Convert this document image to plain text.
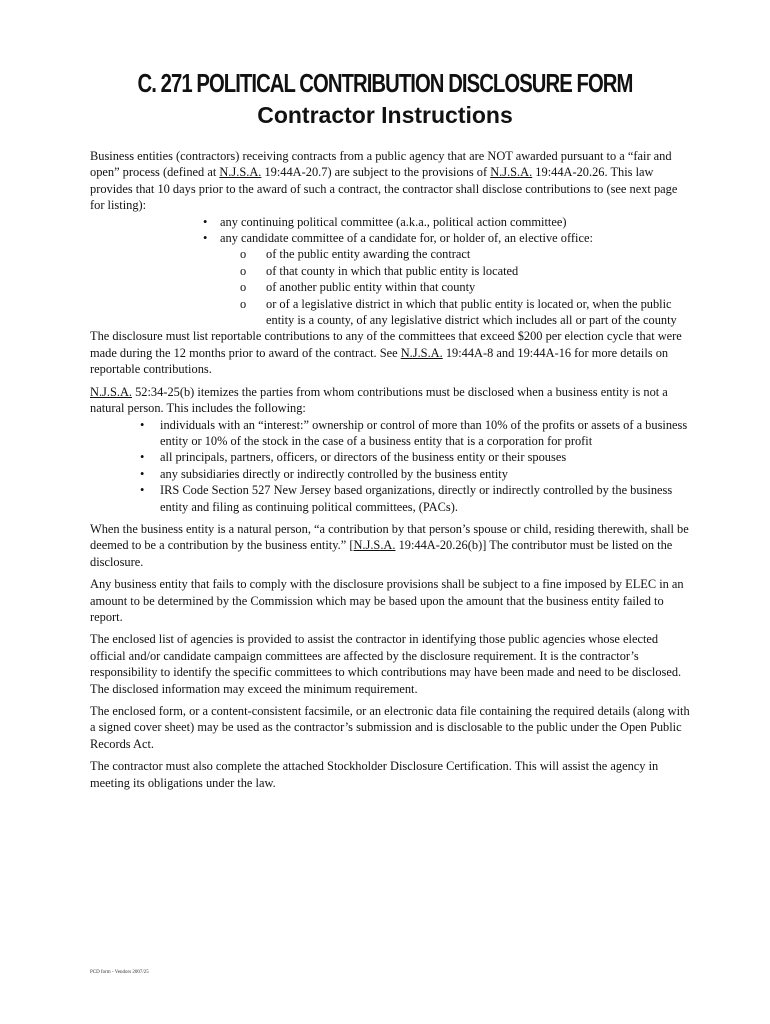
C. 271 POLITICAL CONTRIBUTION DISCLOSURE FORM
Contractor Instructions
Business entities (contractors) receiving contracts from a public agency that are NOT awarded pursuant to a “fair and open” process (defined at N.J.S.A. 19:44A-20.7) are subject to the provisions of N.J.S.A. 19:44A-20.26. This law provides that 10 days prior to the award of such a contract, the contractor shall disclose contributions to (see next page for listing):
• any continuing political committee (a.k.a., political action committee)
• any candidate committee of a candidate for, or holder of, an elective office:
o of the public entity awarding the contract
o of that county in which that public entity is located
o of another public entity within that county
o or of a legislative district in which that public entity is located or, when the public entity is a county, of any legislative district which includes all or part of the county

The disclosure must list reportable contributions to any of the committees that exceed $200 per election cycle that were made during the 12 months prior to award of the contract. See N.J.S.A. 19:44A-8 and 19:44A-16 for more details on reportable contributions.

N.J.S.A. 52:34-25(b) itemizes the parties from whom contributions must be disclosed when a business entity is not a natural person. This includes the following:
• individuals with an “interest:” ownership or control of more than 10% of the profits or assets of a business entity or 10% of the stock in the case of a business entity that is a corporation for profit
• all principals, partners, officers, or directors of the business entity or their spouses
• any subsidiaries directly or indirectly controlled by the business entity
• IRS Code Section 527 New Jersey based organizations, directly or indirectly controlled by the business entity and filing as continuing political committees, (PACs).

When the business entity is a natural person, “a contribution by that person’s spouse or child, residing therewith, shall be deemed to be a contribution by the business entity.” [N.J.S.A. 19:44A-20.26(b)] The contributor must be listed on the disclosure.

Any business entity that fails to comply with the disclosure provisions shall be subject to a fine imposed by ELEC in an amount to be determined by the Commission which may be based upon the amount that the business entity failed to report.

The enclosed list of agencies is provided to assist the contractor in identifying those public agencies whose elected official and/or candidate campaign committees are affected by the disclosure requirement. It is the contractor’s responsibility to identify the specific committees to which contributions may have been made and need to be disclosed. The disclosed information may exceed the minimum requirement.

The enclosed form, or a content-consistent facsimile, or an electronic data file containing the required details (along with a signed cover sheet) may be used as the contractor’s submission and is disclosable to the public under the Open Public Records Act.

The contractor must also complete the attached Stockholder Disclosure Certification. This will assist the agency in meeting its obligations under the law.

PCD form - Vendors 2007/25
